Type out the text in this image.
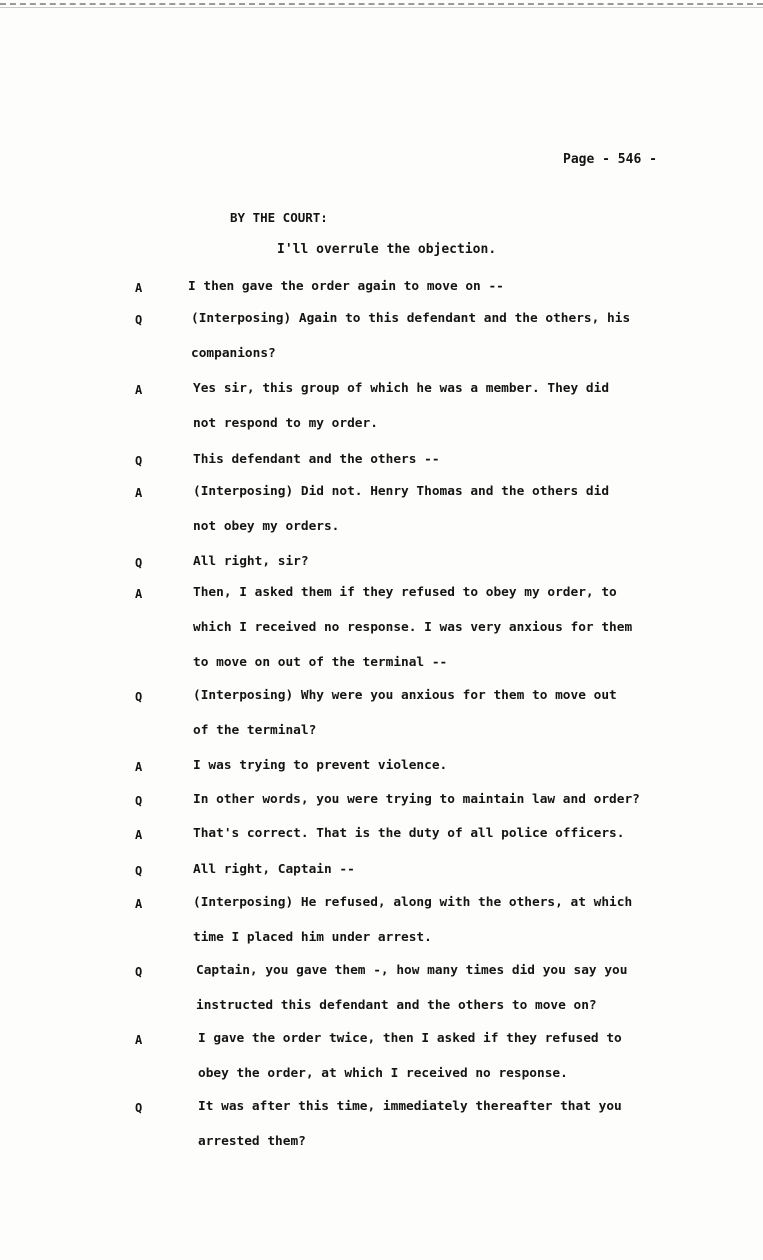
Page - 546 -
BY THE COURT:
I'll overrule the objection.
A	I then gave the order again to move on --
Q	(Interposing) Again to this defendant and the others, his
companions?
A	Yes sir, this group of which he was a member. They did
not respond to my order.
Q	This defendant and the others --
A	(Interposing) Did not. Henry Thomas and the others did
not obey my orders.
Q	All right, sir?
A	Then, I asked them if they refused to obey my order, to
which I received no response. I was very anxious for them
to move on out of the terminal --
Q	(Interposing) Why were you anxious for them to move out
of the terminal?
A	I was trying to prevent violence.
Q	In other words, you were trying to maintain law and order?
A	That's correct. That is the duty of all police officers.
Q	All right, Captain --
A	(Interposing) He refused, along with the others, at which
time I placed him under arrest.
Q	Captain, you gave them -, how many times did you say you
instructed this defendant and the others to move on?
A	I gave the order twice, then I asked if they refused to
obey the order, at which I received no response.
Q	It was after this time, immediately thereafter that you
arrested them?
